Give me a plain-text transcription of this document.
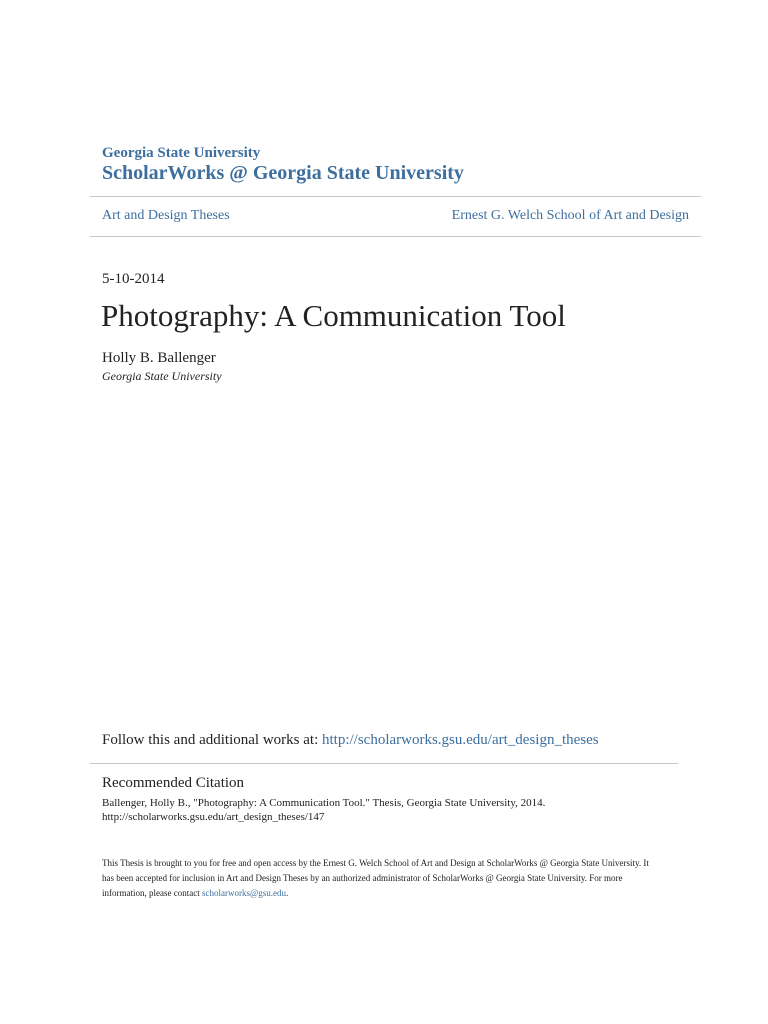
Georgia State University
ScholarWorks @ Georgia State University
Art and Design Theses	Ernest G. Welch School of Art and Design
5-10-2014
Photography: A Communication Tool
Holly B. Ballenger
Georgia State University
Follow this and additional works at: http://scholarworks.gsu.edu/art_design_theses
Recommended Citation
Ballenger, Holly B., "Photography: A Communication Tool." Thesis, Georgia State University, 2014.
http://scholarworks.gsu.edu/art_design_theses/147
This Thesis is brought to you for free and open access by the Ernest G. Welch School of Art and Design at ScholarWorks @ Georgia State University. It
has been accepted for inclusion in Art and Design Theses by an authorized administrator of ScholarWorks @ Georgia State University. For more
information, please contact scholarworks@gsu.edu.
